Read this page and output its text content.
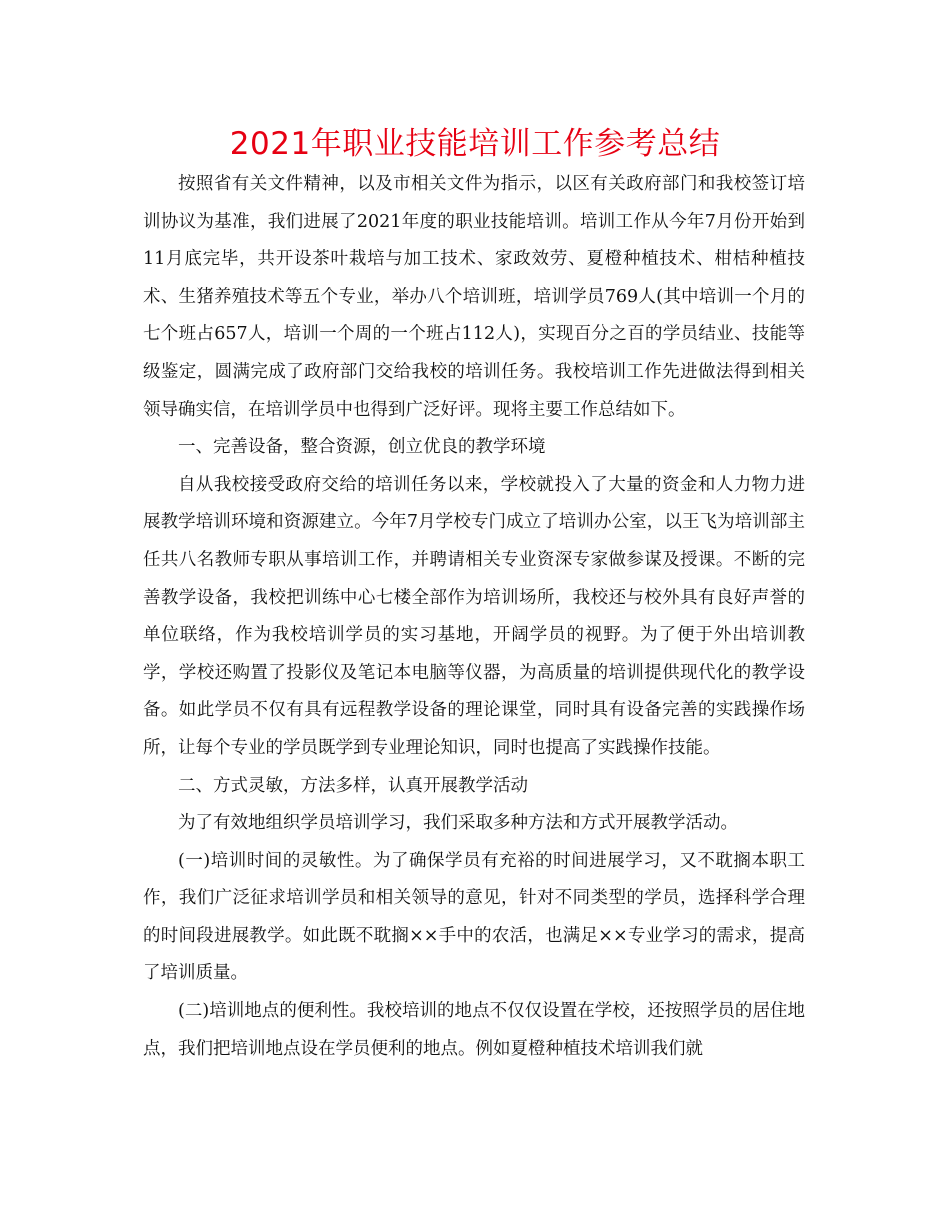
2021年职业技能培训工作参考总结

按照省有关文件精神，以及市相关文件为指示，以区有关政府部门和我校签订培训协议为基准，我们进展了2021年度的职业技能培训。培训工作从今年7月份开始到11月底完毕，共开设茶叶栽培与加工技术、家政效劳、夏橙种植技术、柑桔种植技术、生猪养殖技术等五个专业，举办八个培训班，培训学员769人(其中培训一个月的七个班占657人，培训一个周的一个班占112人)，实现百分之百的学员结业、技能等级鉴定，圆满完成了政府部门交给我校的培训任务。我校培训工作先进做法得到相关领导确实信，在培训学员中也得到广泛好评。现将主要工作总结如下。

一、完善设备，整合资源，创立优良的教学环境

自从我校接受政府交给的培训任务以来，学校就投入了大量的资金和人力物力进展教学培训环境和资源建立。今年7月学校专门成立了培训办公室，以王飞为培训部主任共八名教师专职从事培训工作，并聘请相关专业资深专家做参谋及授课。不断的完善教学设备，我校把训练中心七楼全部作为培训场所，我校还与校外具有良好声誉的单位联络，作为我校培训学员的实习基地，开阔学员的视野。为了便于外出培训教学，学校还购置了投影仪及笔记本电脑等仪器，为高质量的培训提供现代化的教学设备。如此学员不仅有具有远程教学设备的理论课堂，同时具有设备完善的实践操作场所，让每个专业的学员既学到专业理论知识，同时也提高了实践操作技能。

二、方式灵敏，方法多样，认真开展教学活动

为了有效地组织学员培训学习，我们采取多种方法和方式开展教学活动。

(一)培训时间的灵敏性。为了确保学员有充裕的时间进展学习，又不耽搁本职工作，我们广泛征求培训学员和相关领导的意见，针对不同类型的学员，选择科学合理的时间段进展教学。如此既不耽搁××手中的农活，也满足××专业学习的需求，提高了培训质量。

(二)培训地点的便利性。我校培训的地点不仅仅设置在学校，还按照学员的居住地点，我们把培训地点设在学员便利的地点。例如夏橙种植技术培训我们就
